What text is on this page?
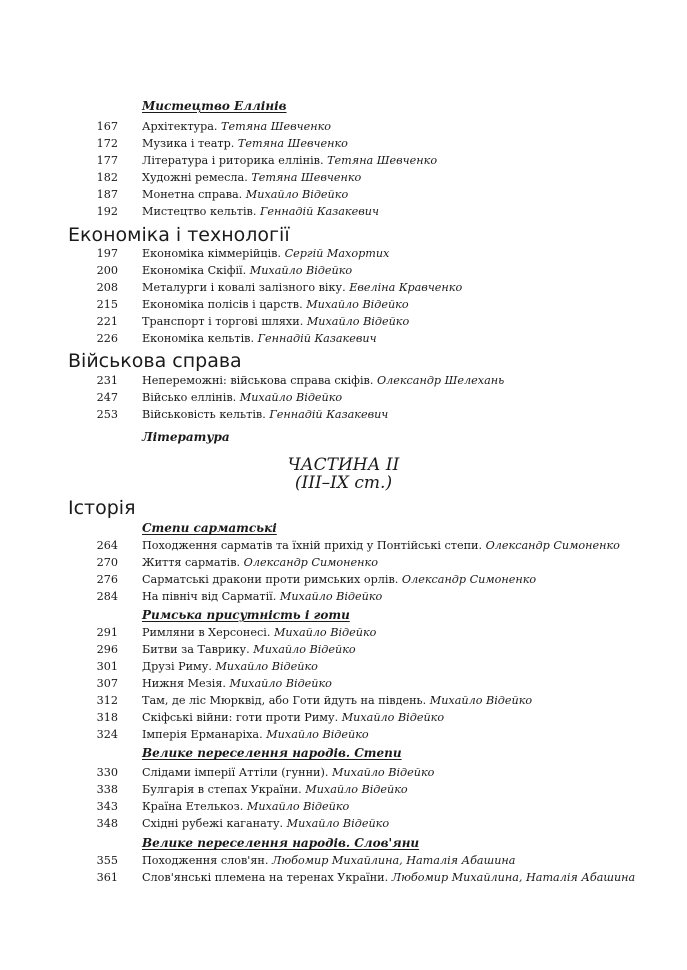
Мистецтво Еллінів
167 Архітектура. Тетяна Шевченко
172 Музика і театр. Тетяна Шевченко
177 Література і риторика еллінів. Тетяна Шевченко
182 Художні ремесла. Тетяна Шевченко
187 Монетна справа. Михайло Відейко
192 Мистецтво кельтів. Геннадій Казакевич
Економіка і технології
197 Економіка кіммерійців. Сергій Махортих
200 Економіка Скіфії. Михайло Відейко
208 Металурги і ковалі залізного віку. Евеліна Кравченко
215 Економіка полісів і царств. Михайло Відейко
221 Транспорт і торгові шляхи. Михайло Відейко
226 Економіка кельтів. Геннадій Казакевич
Військова справа
231 Непереможні: військова справа скіфів. Олександр Шелехань
247 Військо еллінів. Михайло Відейко
253 Військовість кельтів. Геннадій Казакевич
Література
ЧАСТИНА II
(III–IX ст.)
Історія
Степи сарматські
264 Походження сарматів та їхній прихід у Понтійські степи. Олександр Симоненко
270 Життя сарматів. Олександр Симоненко
276 Сарматські дракони проти римських орлів. Олександр Симоненко
284 На північ від Сарматії. Михайло Відейко
Римська присутність і готи
291 Римляни в Херсонесі. Михайло Відейко
296 Битви за Таврику. Михайло Відейко
301 Друзі Риму. Михайло Відейко
307 Нижня Мезія. Михайло Відейко
312 Там, де ліс Мюрквід, або Готи йдуть на південь. Михайло Відейко
318 Скіфські війни: готи проти Риму. Михайло Відейко
324 Імперія Ерманаріха. Михайло Відейко
Велике переселення народів. Степи
330 Слідами імперії Аттіли (гунни). Михайло Відейко
338 Булгарія в степах України. Михайло Відейко
343 Країна Етелькоз. Михайло Відейко
348 Східні рубежі каганату. Михайло Відейко
Велике переселення народів. Слов'яни
355 Походження слов'ян. Любомир Михайлина, Наталія Абашина
361 Слов'янські племена на теренах України. Любомир Михайлина, Наталія Абашина
